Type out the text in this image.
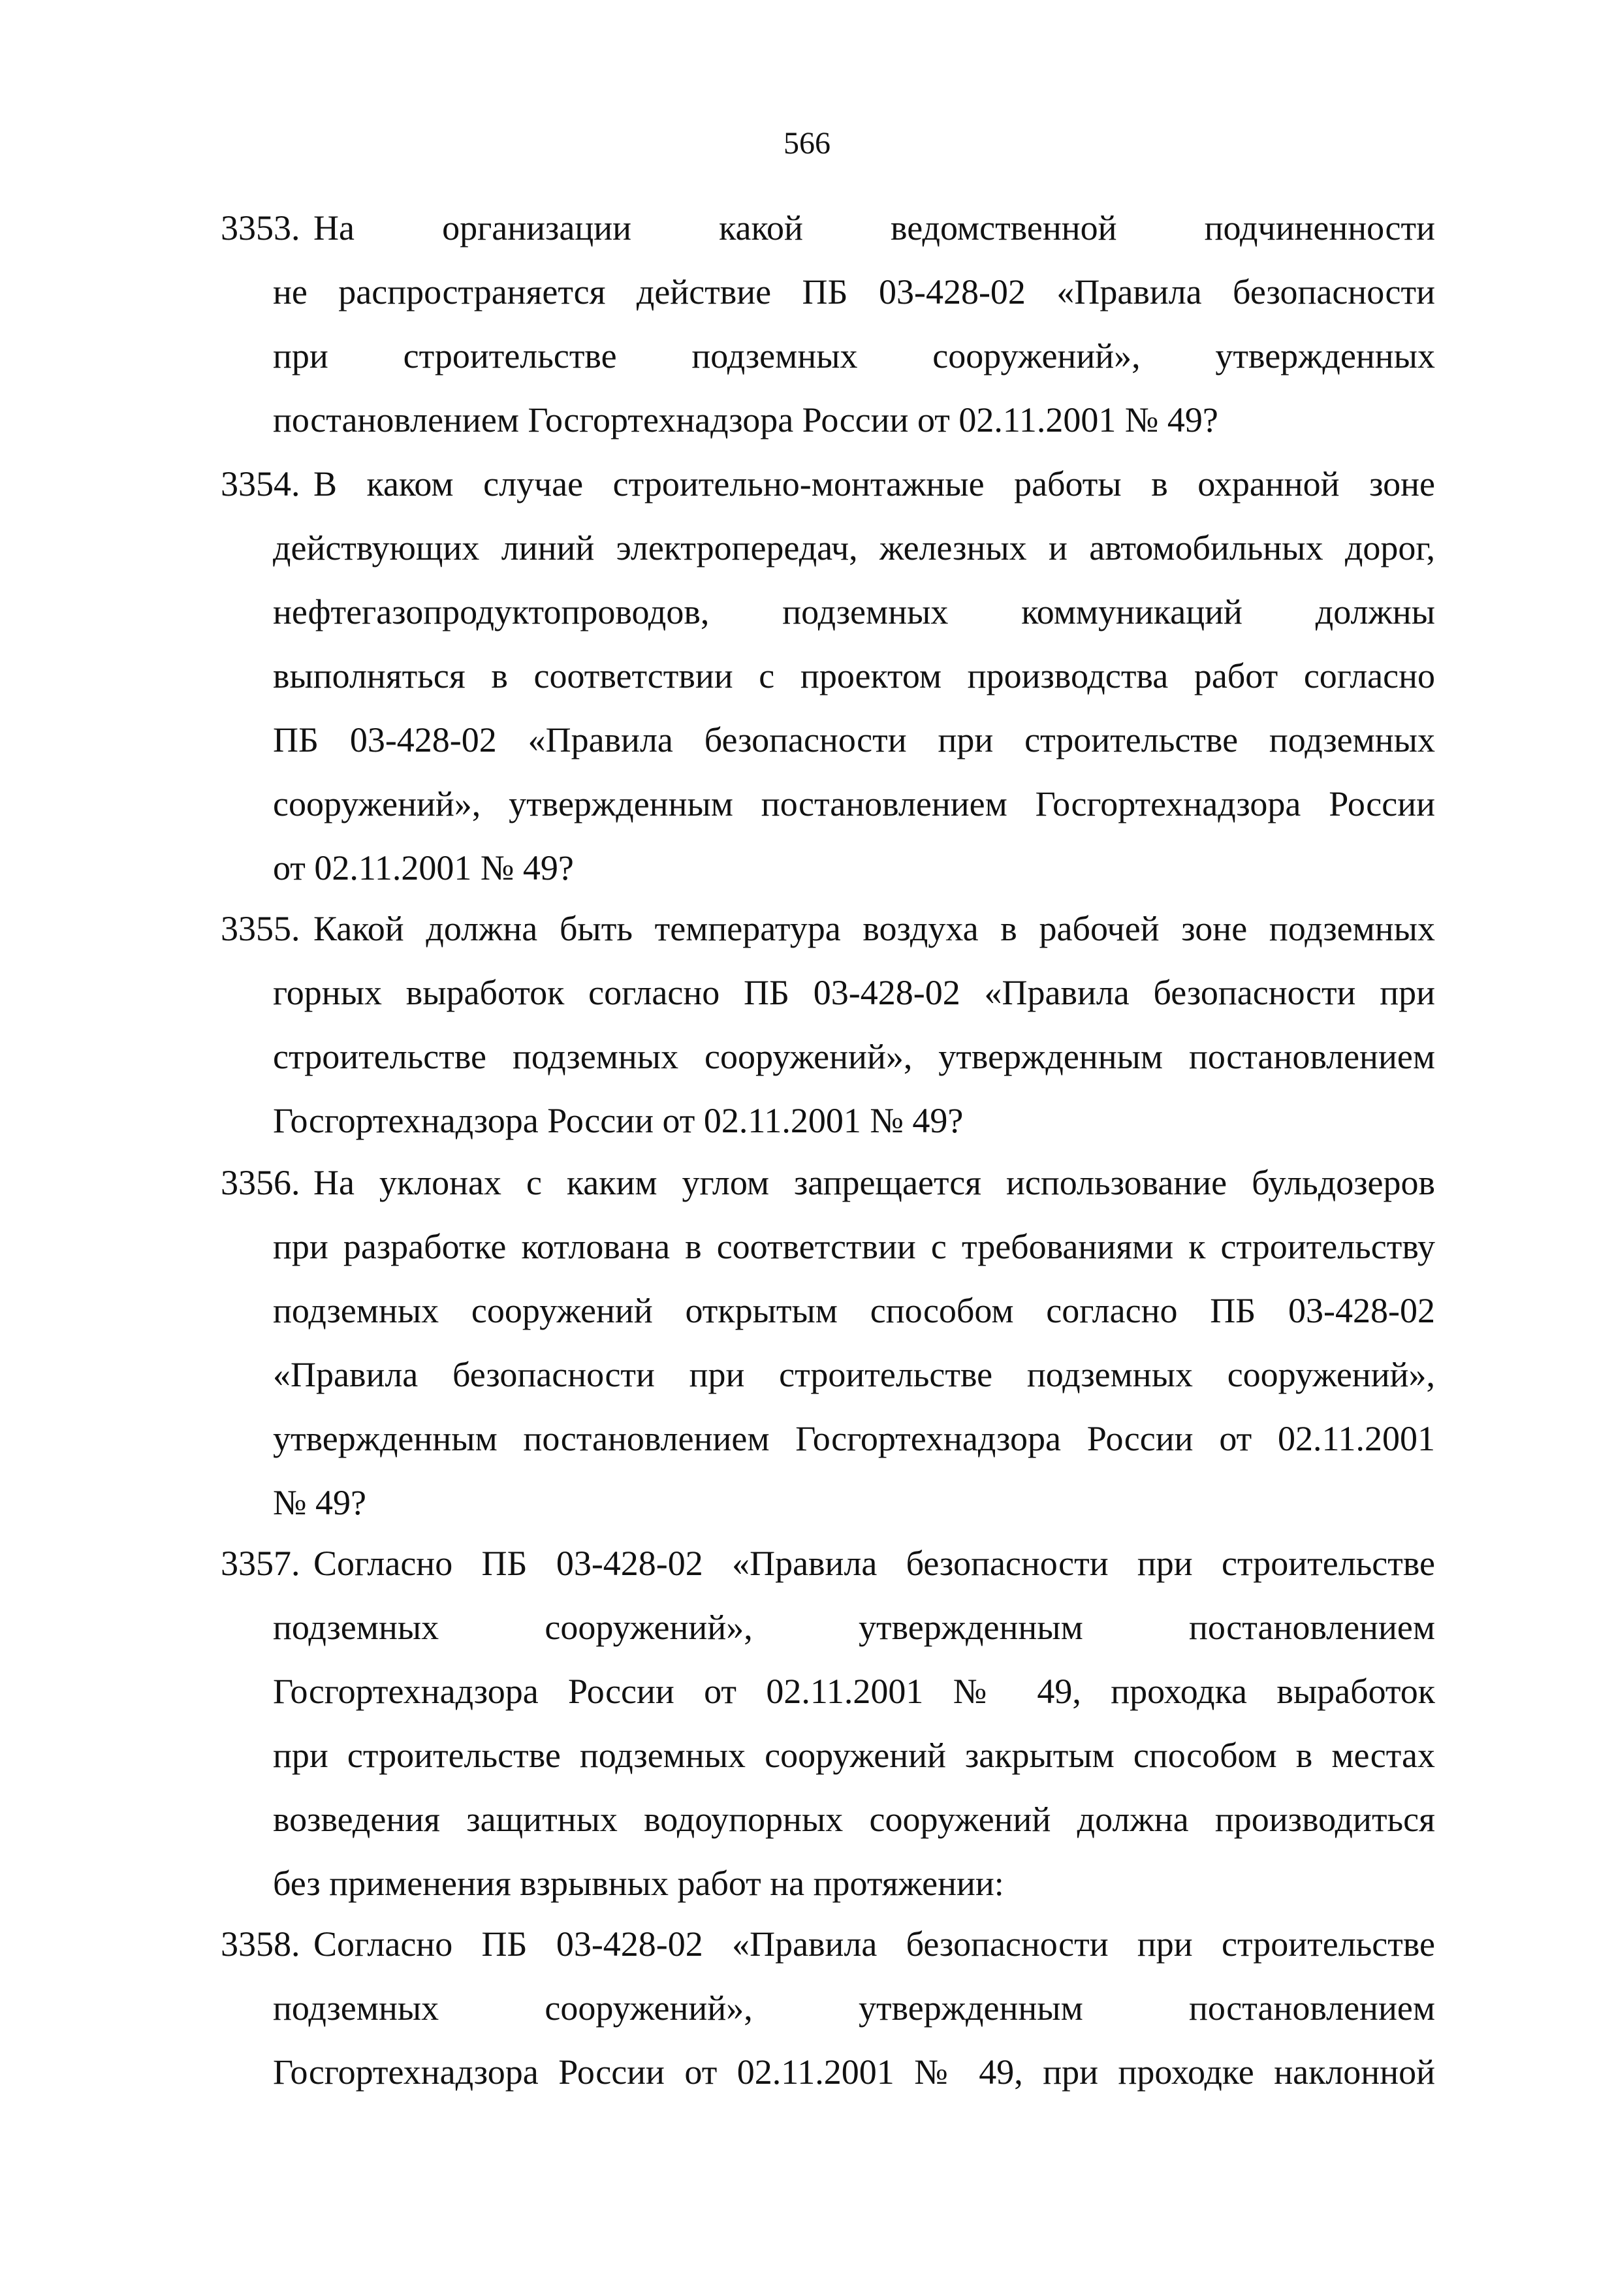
566
3353. На организации какой ведомственной подчиненности
не распространяется действие ПБ 03-428-02 «Правила безопасности
при строительстве подземных сооружений», утвержденных
постановлением Госгортехнадзора России от 02.11.2001 № 49?
3354. В каком случае строительно-монтажные работы в охранной зоне
действующих линий электропередач, железных и автомобильных дорог,
нефтегазопродуктопроводов, подземных коммуникаций должны
выполняться в соответствии с проектом производства работ согласно
ПБ 03-428-02 «Правила безопасности при строительстве подземных
сооружений», утвержденным постановлением Госгортехнадзора России
от 02.11.2001 № 49?
3355. Какой должна быть температура воздуха в рабочей зоне подземных
горных выработок согласно ПБ 03-428-02 «Правила безопасности при
строительстве подземных сооружений», утвержденным постановлением
Госгортехнадзора России от 02.11.2001 № 49?
3356. На уклонах с каким углом запрещается использование бульдозеров
при разработке котлована в соответствии с требованиями к строительству
подземных сооружений открытым способом согласно ПБ 03-428-02
«Правила безопасности при строительстве подземных сооружений»,
утвержденным постановлением Госгортехнадзора России от 02.11.2001
№ 49?
3357. Согласно ПБ 03-428-02 «Правила безопасности при строительстве
подземных сооружений», утвержденным постановлением
Госгортехнадзора России от 02.11.2001 № 49, проходка выработок
при строительстве подземных сооружений закрытым способом в местах
возведения защитных водоупорных сооружений должна производиться
без применения взрывных работ на протяжении:
3358. Согласно ПБ 03-428-02 «Правила безопасности при строительстве
подземных сооружений», утвержденным постановлением
Госгортехнадзора России от 02.11.2001 № 49, при проходке наклонной
